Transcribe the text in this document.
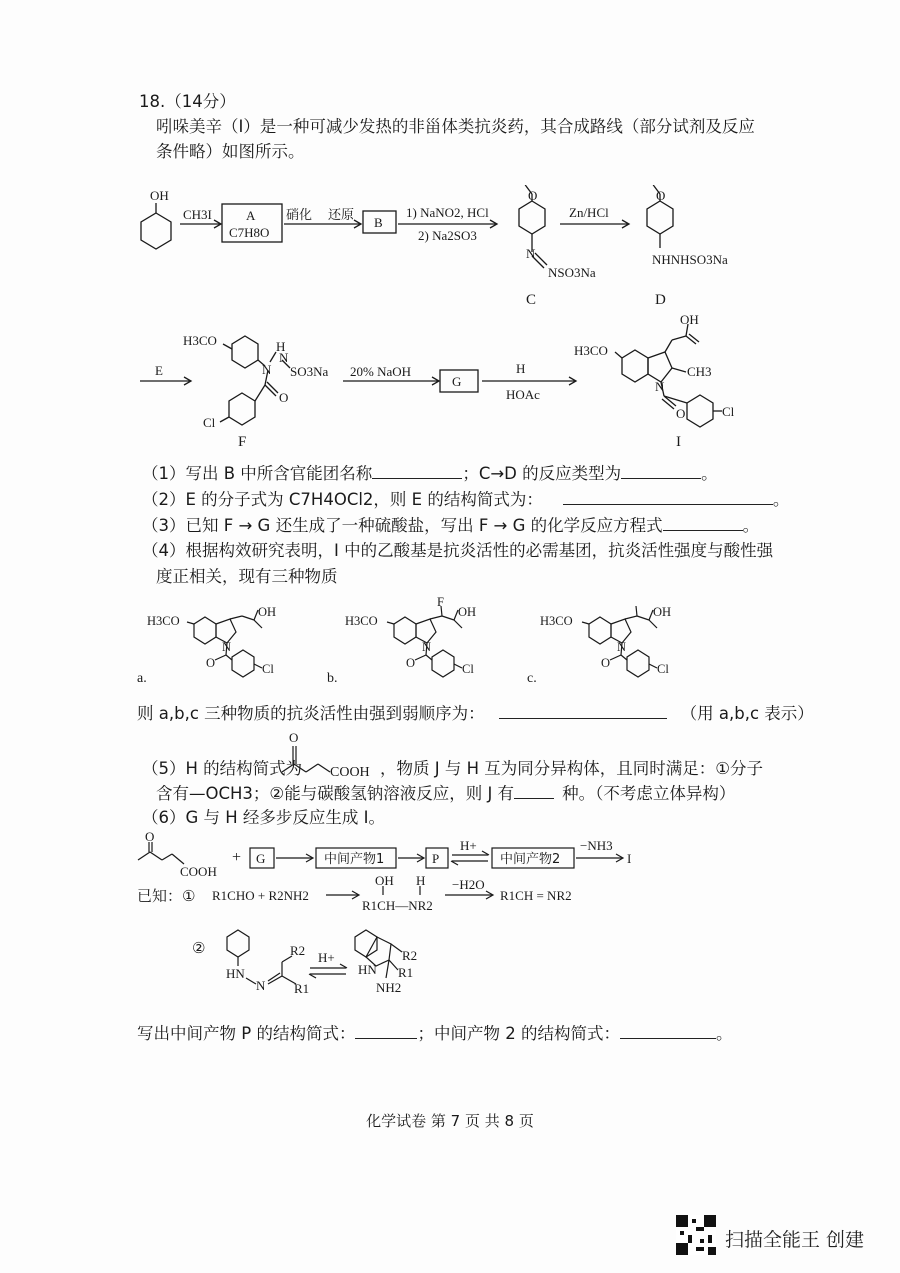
18.（14分）
吲哚美辛（I）是一种可减少发热的非甾体类抗炎药，其合成路线（部分试剂及反应
条件略）如图所示。
OH
CH3I	A
C7H8O
硝化 还原
B
1) NaNO2, HCl
2) Na2SO3
O
N
NSO3Na
C
Zn/HCl
O
NHNHSO3Na
D
E
H3CO	H
N
SO3Na
N
O
Cl
F
20% NaOH
G
H
HOAc
H3CO
OH
CH3
N
O	Cl
I
（1）写出 B 中所含官能团名称	；C→D 的反应类型为	。
（2）E 的分子式为 C7H4OCl2，则 E 的结构简式为：	。
（3）已知 F → G 还生成了一种硫酸盐，写出 F → G 的化学反应方程式	。
（4）根据构效研究表明，I 中的乙酸基是抗炎活性的必需基团，抗炎活性强度与酸性强
度正相关，现有三种物质
a.
H3CO
OH
N
O	Cl
b.
H3CO
F
OH
N
O	Cl
c.
H3CO
OH
N
O	Cl
则 a,b,c 三种物质的抗炎活性由强到弱顺序为：	（用 a,b,c 表示）
（5）H 的结构简式为
O
COOH ，物质 J 与 H 互为同分异构体，且同时满足：①分子
含有—OCH3；②能与碳酸氢钠溶液反应，则 J 有	种。（不考虑立体异构）
（6）G 与 H 经多步反应生成 I。
O
COOH
+ G	中间产物1	P
H+
中间产物2
−NH3
I
已知：① R1CHO + R2NH2
OH H
R1CH—NR2
−H2O
R1CH = NR2
②
HN
N
R2
R1
H+
HN
R2
R1
NH2
写出中间产物 P 的结构简式：	；中间产物 2 的结构简式：	。
化学试卷 第 7 页 共 8 页
扫描全能王 创建
